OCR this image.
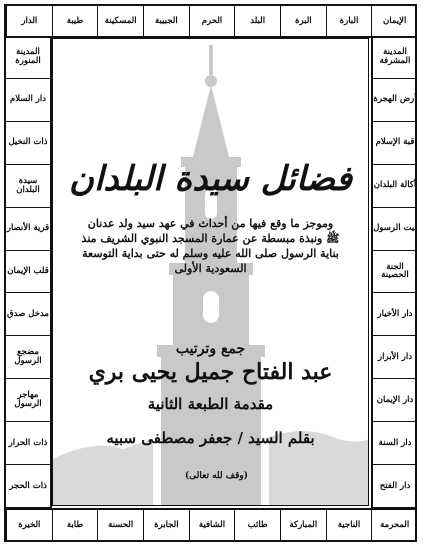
الدار	طيبة	المسكينة	الجبيبة	الحرم	البلد	البرة	البارة	الإيمان
الخيرة	طابة	الحسنة	الجابرة	الشافية	طائب	المباركة	الناجية	المحرمة
المدينة المشرفة
أرض الهجرة
قبة الإسلام
أكالة البلدان
بيت الرسول
الجنة الحصينة
دار الأخيار
دار الأبرار
دار الإيمان
دار السنة
دار الفتح
المدينة المنورة
دار السلام
ذات النخيل
سيدة البلدان
قرية الأنصار
قلب الإيمان
مدخل صدق
مضجع الرسول
مهاجر الرسول
ذات الحرار
ذات الحجر
فضائل سيدة البلدان
وموجز ما وقع فيها من أحداث في عهد سيد ولد عدنان ﷺ ونبذة مبسطة عن عمارة المسجد النبوي الشريف منذ بناية الرسول صلى الله عليه وسلم له حتى بداية التوسعة السعودية الأولى
جمع وترتيب
عبد الفتاح جميل يحيى بري
مقدمة الطبعة الثانية
بقلم السيد / جعفر مصطفى سبيه
(وقف لله تعالى)
